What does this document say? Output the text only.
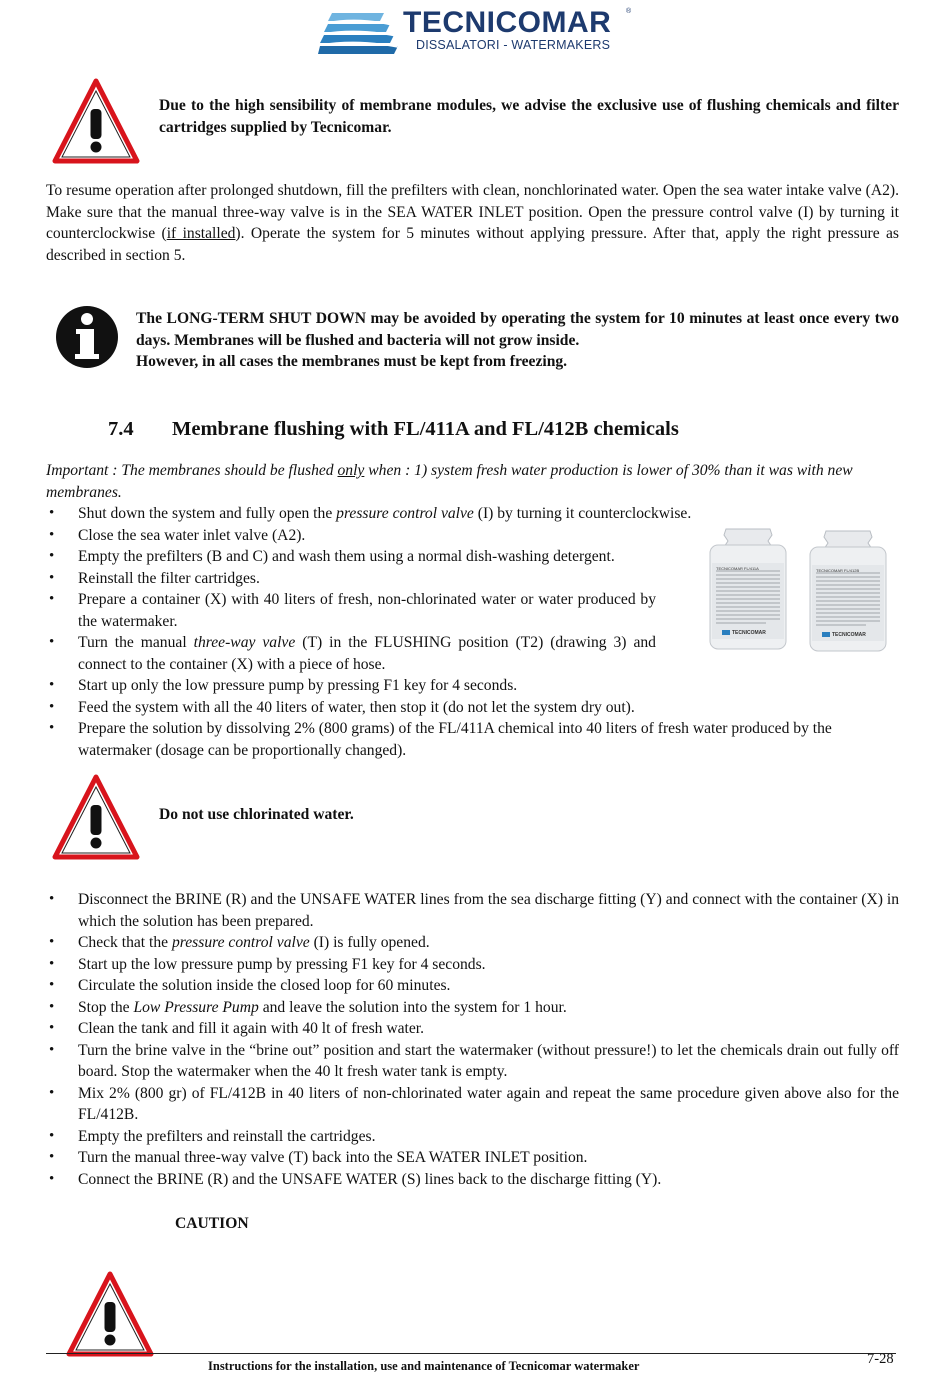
TECNICOMAR ®
DISSALATORI - WATERMAKERS
Due to the high sensibility of membrane modules, we advise the exclusive use of flushing chemicals and filter cartridges supplied by Tecnicomar.
To resume operation after prolonged shutdown, fill the prefilters with clean, nonchlorinated water. Open the sea water intake valve (A2). Make sure that the manual three-way valve is in the SEA WATER INLET position. Open the pressure control valve (I) by turning it counterclockwise (if installed). Operate the system for 5 minutes without applying pressure. After that, apply the right pressure as described in section 5.
The LONG-TERM SHUT DOWN may be avoided by operating the system for 10 minutes at least once every two days. Membranes will be flushed and bacteria will not grow inside.
However, in all cases the membranes must be kept from freezing.
7.4 Membrane flushing with FL/411A and FL/412B chemicals
Important : The membranes should be flushed only when : 1) system fresh water production is lower of 30% than it was with new membranes.
• Shut down the system and fully open the pressure control valve (I) by turning it counterclockwise.
• Close the sea water inlet valve (A2).
• Empty the prefilters (B and C) and wash them using a normal dish-washing detergent.
• Reinstall the filter cartridges.
• Prepare a container (X) with 40 liters of fresh, non-chlorinated water or water produced by the watermaker.
• Turn the manual three-way valve (T) in the FLUSHING position (T2) (drawing 3) and connect to the container (X) with a piece of hose.
• Start up only the low pressure pump by pressing F1 key for 4 seconds.
• Feed the system with all the 40 liters of water, then stop it (do not let the system dry out).
• Prepare the solution by dissolving 2% (800 grams) of the FL/411A chemical into 40 liters of fresh water produced by the watermaker (dosage can be proportionally changed).
TECNICOMAR FL/411A
TECNICOMAR
TECNICOMAR FL/412B
TECNICOMAR
Do not use chlorinated water.
• Disconnect the BRINE (R) and the UNSAFE WATER lines from the sea discharge fitting (Y) and connect with the container (X) in which the solution has been prepared.
• Check that the pressure control valve (I) is fully opened.
• Start up the low pressure pump by pressing F1 key for 4 seconds.
• Circulate the solution inside the closed loop for 60 minutes.
• Stop the Low Pressure Pump and leave the solution into the system for 1 hour.
• Clean the tank and fill it again with 40 lt of fresh water.
• Turn the brine valve in the “brine out” position and start the watermaker (without pressure!) to let the chemicals drain out fully off board. Stop the watermaker when the 40 lt fresh water tank is empty.
• Mix 2% (800 gr) of FL/412B in 40 liters of non-chlorinated water again and repeat the same procedure given above also for the FL/412B.
• Empty the prefilters and reinstall the cartridges.
• Turn the manual three-way valve (T) back into the SEA WATER INLET position.
• Connect the BRINE (R) and the UNSAFE WATER (S) lines back to the discharge fitting (Y).
CAUTION
Instructions for the installation, use and maintenance of Tecnicomar watermaker	7-28
